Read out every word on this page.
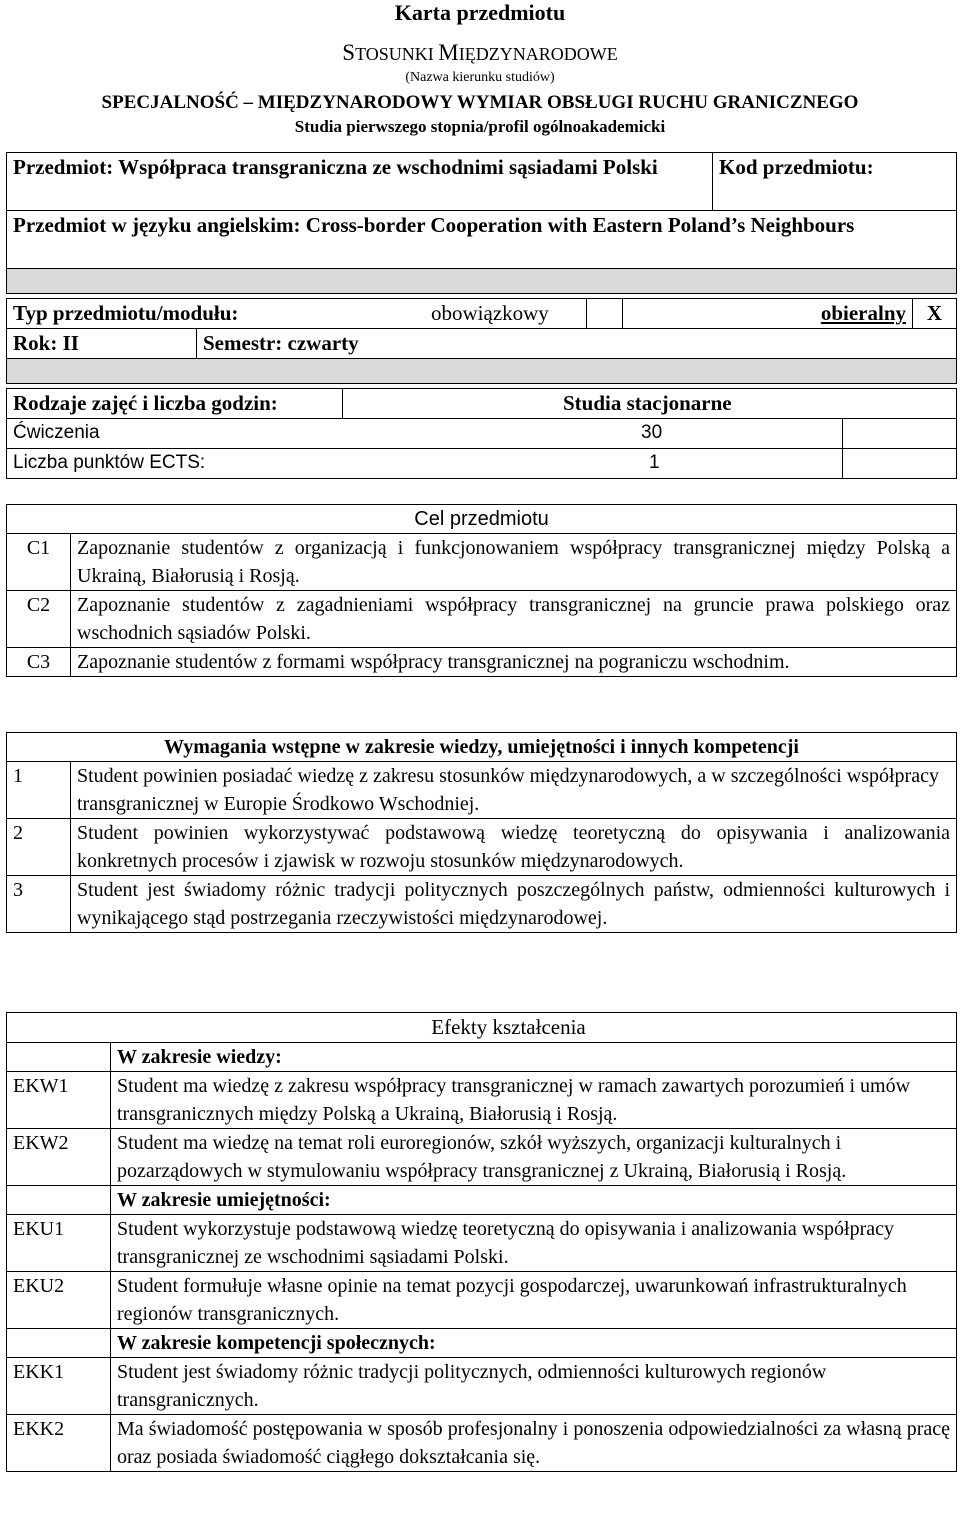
Karta przedmiotu
STOSUNKI MIĘDZYNARODOWE
(Nazwa kierunku studiów)
SPECJALNOŚĆ – MIĘDZYNARODOWY WYMIAR OBSŁUGI RUCHU GRANICZNEGO
Studia pierwszego stopnia/profil ogólnoakademicki
Przedmiot: Współpraca transgraniczna ze wschodnimi sąsiadami Polski	Kod przedmiotu:
Przedmiot w języku angielskim: Cross-border Cooperation with Eastern Poland’s Neighbours

Typ przedmiotu/modułu: obowiązkowy			obieralny	X
Rok: II	Semestr: czwarty			

Rodzaje zajęć i liczba godzin:	Studia stacjonarne	
Ćwiczenia 30		

Liczba punktów ECTS: 1		

Cel przedmiotu	
C1	Zapoznanie studentów z organizacją i funkcjonowaniem współpracy transgranicznej między Polską a Ukrainą, Białorusią i Rosją.
C2	Zapoznanie studentów z zagadnieniami współpracy transgranicznej na gruncie prawa polskiego oraz wschodnich sąsiadów Polski.
C3	Zapoznanie studentów z formami współpracy transgranicznej na pograniczu wschodnim.
Wymagania wstępne w zakresie wiedzy, umiejętności i innych kompetencji	
1	Student powinien posiadać wiedzę z zakresu stosunków międzynarodowych, a w szczególności współpracy transgranicznej w Europie Środkowo Wschodniej.
2	Student powinien wykorzystywać podstawową wiedzę teoretyczną do opisywania i analizowania konkretnych procesów i zjawisk w rozwoju stosunków międzynarodowych.
3	Student jest świadomy różnic tradycji politycznych poszczególnych państw, odmienności kulturowych i wynikającego stąd postrzegania rzeczywistości międzynarodowej.
Efekty kształcenia	
	W zakresie wiedzy:
EKW1	Student ma wiedzę z zakresu współpracy transgranicznej w ramach zawartych porozumień i umów transgranicznych między Polską a Ukrainą, Białorusią i Rosją.
EKW2	Student ma wiedzę na temat roli euroregionów, szkół wyższych, organizacji kulturalnych i pozarządowych w stymulowaniu współpracy transgranicznej z Ukrainą, Białorusią i Rosją.
	W zakresie umiejętności:
EKU1	Student wykorzystuje podstawową wiedzę teoretyczną do opisywania i analizowania współpracy transgranicznej ze wschodnimi sąsiadami Polski.
EKU2	Student formułuje własne opinie na temat pozycji gospodarczej, uwarunkowań infrastrukturalnych regionów transgranicznych.
	W zakresie kompetencji społecznych:
EKK1	Student jest świadomy różnic tradycji politycznych, odmienności kulturowych regionów transgranicznych.
EKK2	Ma świadomość postępowania w sposób profesjonalny i ponoszenia odpowiedzialności za własną pracę oraz posiada świadomość ciągłego dokształcania się.
